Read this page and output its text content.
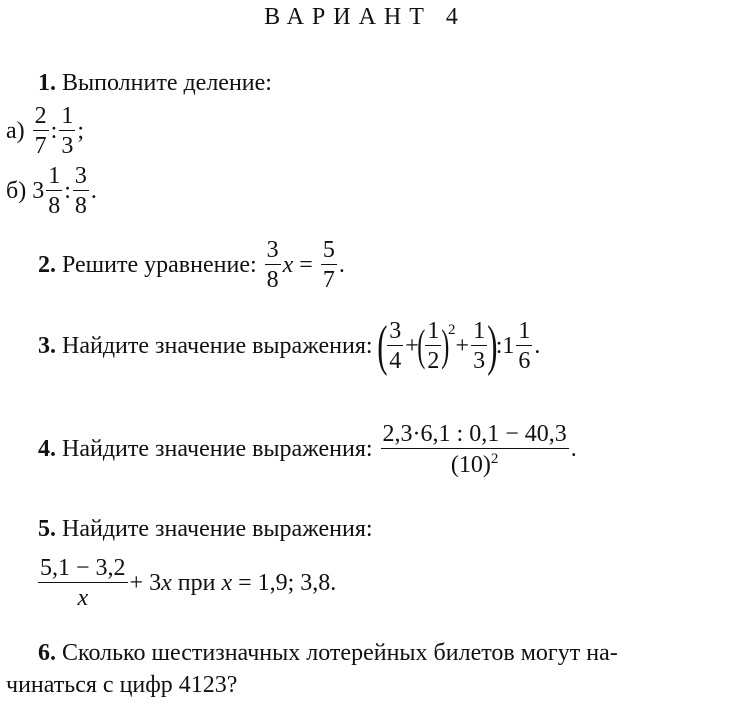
ВАРИАНТ 4
1. Выполните деление:
$а) \frac{2}{7}$ : $\frac{1}{3}$ ;
б) $3 \frac{1}{8}$ : $\frac{3}{8}$ .
2. Решите уравнение: $\frac{3}{8}$ $x = \frac{5}{7}$ .
3. Найдите значение выражения: ( $\frac{3}{4}$ +
( $\frac{1}{2}$ )
$^2$
+ $\frac{1}{3}$ )
: $1 \frac{1}{6}$ .
4. Найдите значение выражения: $\frac{2,3\cdot 6,1 : 0,1 - 40,3}{(10)^2}$ .
5. Найдите значение выражения:
$\frac{5,1 - 3,2}{x} + 3$ x при x = 1,9; 3,8.
6. Сколько шестизначных лотерейных билетов могут на-
чинаться с цифр 4123?
